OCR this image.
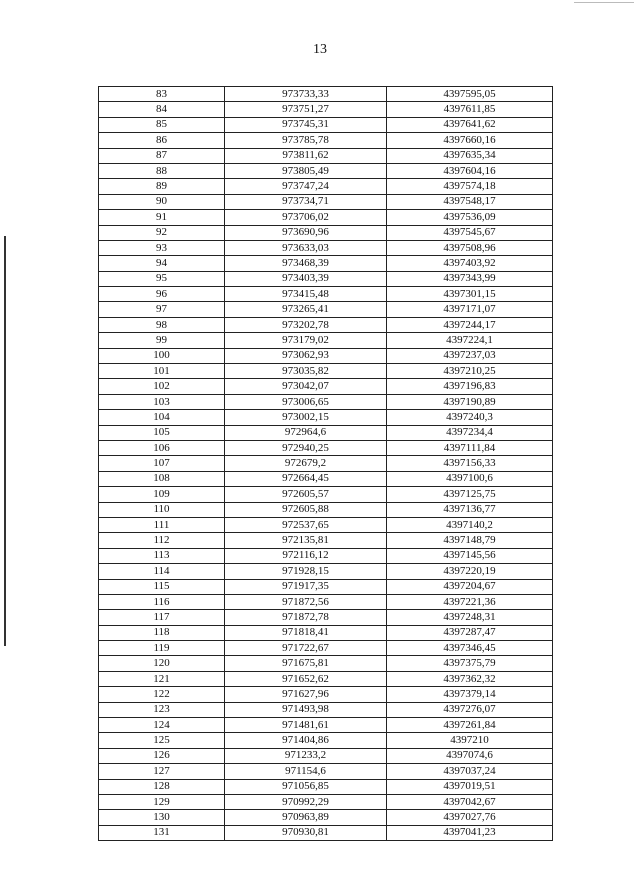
13
83	973733,33	4397595,05
84	973751,27	4397611,85
85	973745,31	4397641,62
86	973785,78	4397660,16
87	973811,62	4397635,34
88	973805,49	4397604,16
89	973747,24	4397574,18
90	973734,71	4397548,17
91	973706,02	4397536,09
92	973690,96	4397545,67
93	973633,03	4397508,96
94	973468,39	4397403,92
95	973403,39	4397343,99
96	973415,48	4397301,15
97	973265,41	4397171,07
98	973202,78	4397244,17
99	973179,02	4397224,1
100	973062,93	4397237,03
101	973035,82	4397210,25
102	973042,07	4397196,83
103	973006,65	4397190,89
104	973002,15	4397240,3
105	972964,6	4397234,4
106	972940,25	4397111,84
107	972679,2	4397156,33
108	972664,45	4397100,6
109	972605,57	4397125,75
110	972605,88	4397136,77
111	972537,65	4397140,2
112	972135,81	4397148,79
113	972116,12	4397145,56
114	971928,15	4397220,19
115	971917,35	4397204,67
116	971872,56	4397221,36
117	971872,78	4397248,31
118	971818,41	4397287,47
119	971722,67	4397346,45
120	971675,81	4397375,79
121	971652,62	4397362,32
122	971627,96	4397379,14
123	971493,98	4397276,07
124	971481,61	4397261,84
125	971404,86	4397210
126	971233,2	4397074,6
127	971154,6	4397037,24
128	971056,85	4397019,51
129	970992,29	4397042,67
130	970963,89	4397027,76
131	970930,81	4397041,23
